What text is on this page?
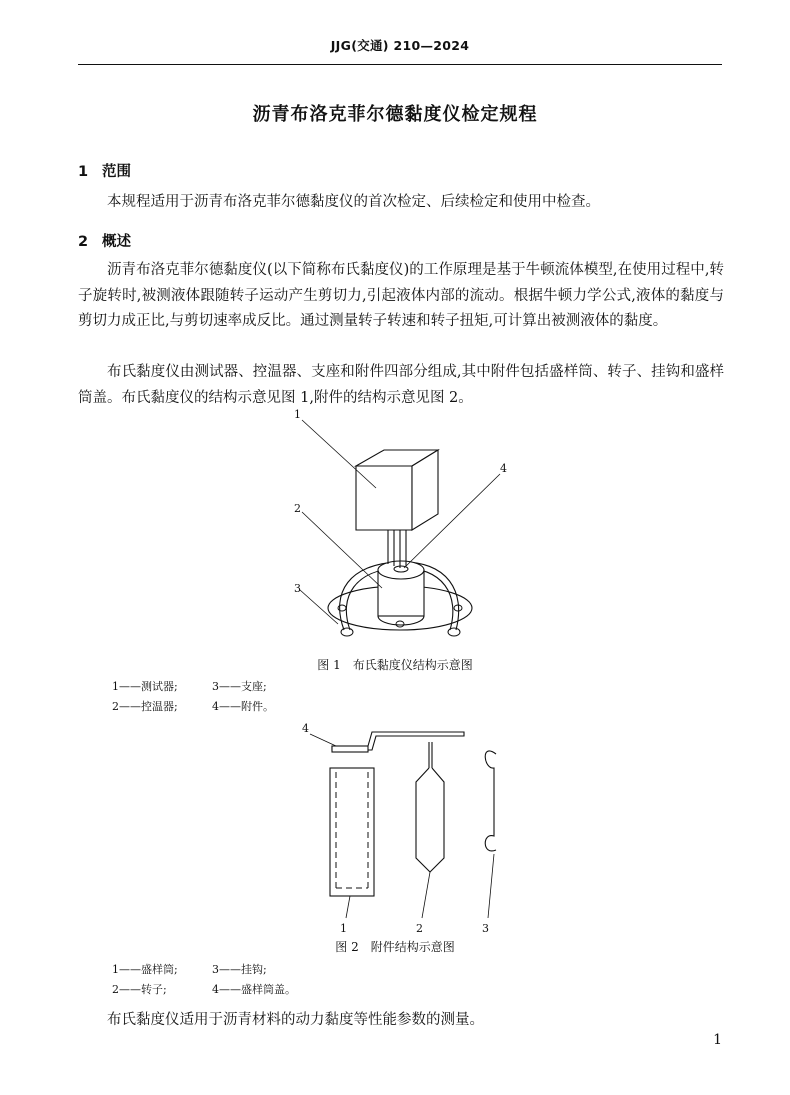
JJG(交通) 210—2024
沥青布洛克菲尔德黏度仪检定规程
1 范围

本规程适用于沥青布洛克菲尔德黏度仪的首次检定、后续检定和使用中检查。

2 概述

沥青布洛克菲尔德黏度仪(以下简称布氏黏度仪)的工作原理是基于牛顿流体模型,在使用过程中,转子旋转时,被测液体跟随转子运动产生剪切力,引起液体内部的流动。根据牛顿力学公式,液体的黏度与剪切力成正比,与剪切速率成反比。通过测量转子转速和转子扭矩,可计算出被测液体的黏度。

布氏黏度仪由测试器、控温器、支座和附件四部分组成,其中附件包括盛样筒、转子、挂钩和盛样筒盖。布氏黏度仪的结构示意见图 1,附件的结构示意见图 2。

1
2
3
4
图 1　布氏黏度仪结构示意图
1——测试器;	3——支座;
2——控温器;	4——附件。
4
1	2	3
图 2　附件结构示意图
1——盛样筒;	3——挂钩;
2——转子;	4——盛样筒盖。

布氏黏度仪适用于沥青材料的动力黏度等性能参数的测量。

1
